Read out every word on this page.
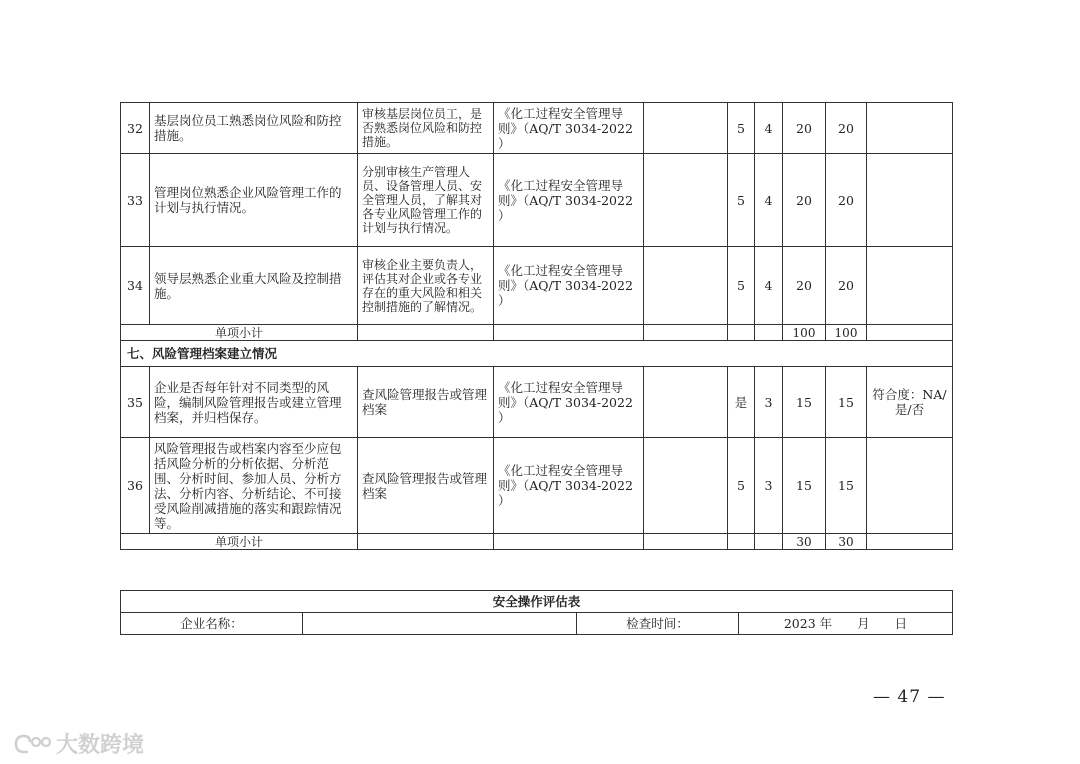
32	基层岗位员工熟悉岗位风险和防控措施。	审核基层岗位员工，是否熟悉岗位风险和防控措施。	《化工过程安全管理导则》（AQ/T 3034-2022 ）		5	4	20	20	
33	管理岗位熟悉企业风险管理工作的计划与执行情况。	分别审核生产管理人员、设备管理人员、安全管理人员，了解其对各专业风险管理工作的计划与执行情况。	《化工过程安全管理导则》（AQ/T 3034-2022 ）		5	4	20	20	
34	领导层熟悉企业重大风险及控制措施。	审核企业主要负责人，评估其对企业或各专业存在的重大风险和相关控制措施的了解情况。	《化工过程安全管理导则》（AQ/T 3034-2022 ）		5	4	20	20	
单项小计							100	100	
七、风险管理档案建立情况									
35	企业是否每年针对不同类型的风险，编制风险管理报告或建立管理档案，并归档保存。	查风险管理报告或管理档案	《化工过程安全管理导则》（AQ/T 3034-2022 ）		是	3	15	15	符合度：NA/是/否
36	风险管理报告或档案内容至少应包括风险分析的分析依据、分析范围、分析时间、参加人员、分析方法、分析内容、分析结论、不可接受风险削减措施的落实和跟踪情况等。	查风险管理报告或管理档案	《化工过程安全管理导则》（AQ/T 3034-2022 ）		5	3	15	15	
单项小计							30	30	
安全操作评估表
企业名称：		检查时间：	2023 年　　月　　日
— 47 —
大数跨境
